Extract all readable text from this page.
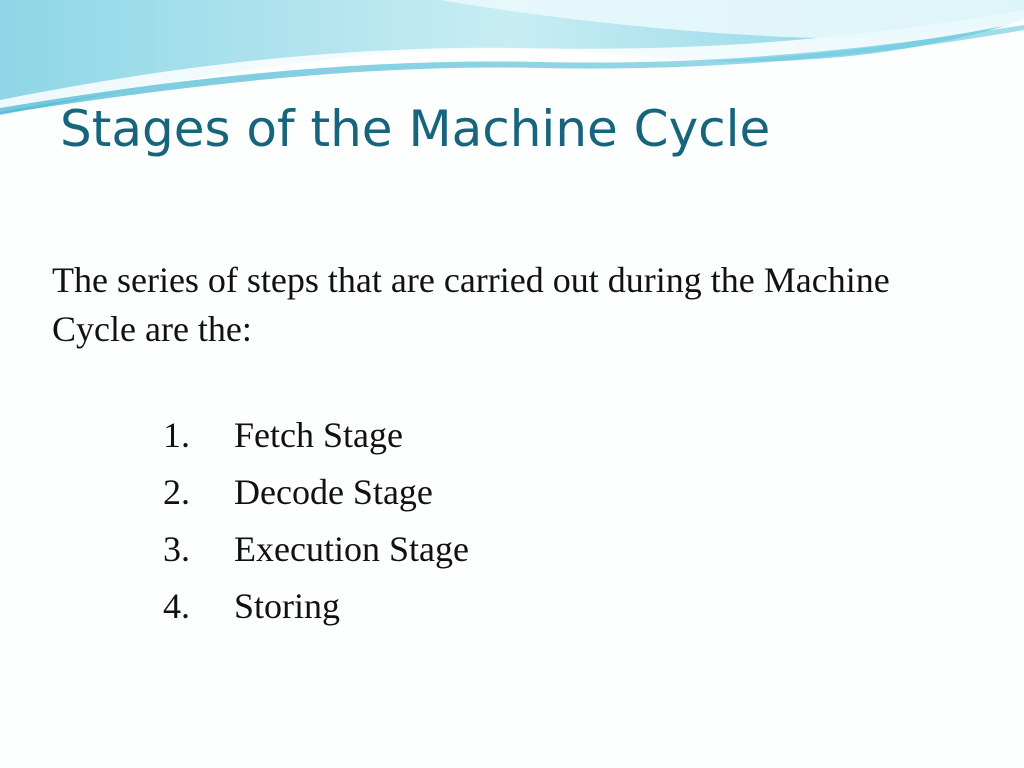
Stages of the Machine Cycle

The series of steps that are carried out during the Machine Cycle are the:

1.	Fetch Stage
2.	Decode Stage
3.	Execution Stage
4.	Storing
